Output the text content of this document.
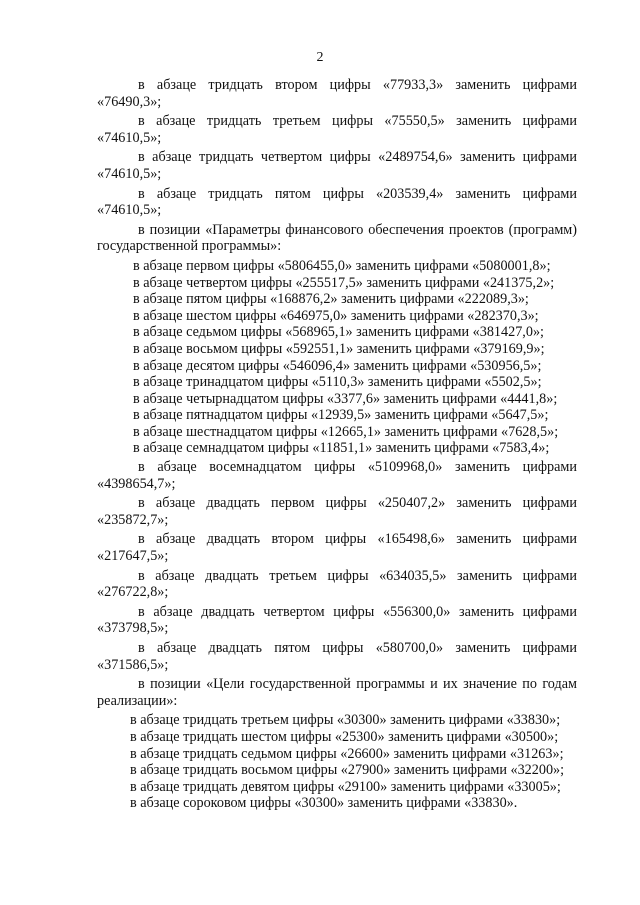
2
в абзаце тридцать втором цифры «77933,3» заменить цифрами
«76490,3»;
в абзаце тридцать третьем цифры «75550,5» заменить цифрами
«74610,5»;
в абзаце тридцать четвертом цифры «2489754,6» заменить цифрами
«74610,5»;
в абзаце тридцать пятом цифры «203539,4» заменить цифрами
«74610,5»;
в позиции «Параметры финансового обеспечения проектов (программ)
государственной программы»:
в абзаце первом цифры «5806455,0» заменить цифрами «5080001,8»;
в абзаце четвертом цифры «255517,5» заменить цифрами «241375,2»;
в абзаце пятом цифры «168876,2» заменить цифрами «222089,3»;
в абзаце шестом цифры «646975,0» заменить цифрами «282370,3»;
в абзаце седьмом цифры «568965,1» заменить цифрами «381427,0»;
в абзаце восьмом цифры «592551,1» заменить цифрами «379169,9»;
в абзаце десятом цифры «546096,4» заменить цифрами «530956,5»;
в абзаце тринадцатом цифры «5110,3» заменить цифрами «5502,5»;
в абзаце четырнадцатом цифры «3377,6» заменить цифрами «4441,8»;
в абзаце пятнадцатом цифры «12939,5» заменить цифрами «5647,5»;
в абзаце шестнадцатом цифры «12665,1» заменить цифрами «7628,5»;
в абзаце семнадцатом цифры «11851,1» заменить цифрами «7583,4»;
в абзаце восемнадцатом цифры «5109968,0» заменить цифрами
«4398654,7»;
в абзаце двадцать первом цифры «250407,2» заменить цифрами
«235872,7»;
в абзаце двадцать втором цифры «165498,6» заменить цифрами
«217647,5»;
в абзаце двадцать третьем цифры «634035,5» заменить цифрами
«276722,8»;
в абзаце двадцать четвертом цифры «556300,0» заменить цифрами
«373798,5»;
в абзаце двадцать пятом цифры «580700,0» заменить цифрами
«371586,5»;
в позиции «Цели государственной программы и их значение по годам
реализации»:
в абзаце тридцать третьем цифры «30300» заменить цифрами «33830»;
в абзаце тридцать шестом цифры «25300» заменить цифрами «30500»;
в абзаце тридцать седьмом цифры «26600» заменить цифрами «31263»;
в абзаце тридцать восьмом цифры «27900» заменить цифрами «32200»;
в абзаце тридцать девятом цифры «29100» заменить цифрами «33005»;
в абзаце сороковом цифры «30300» заменить цифрами «33830».
